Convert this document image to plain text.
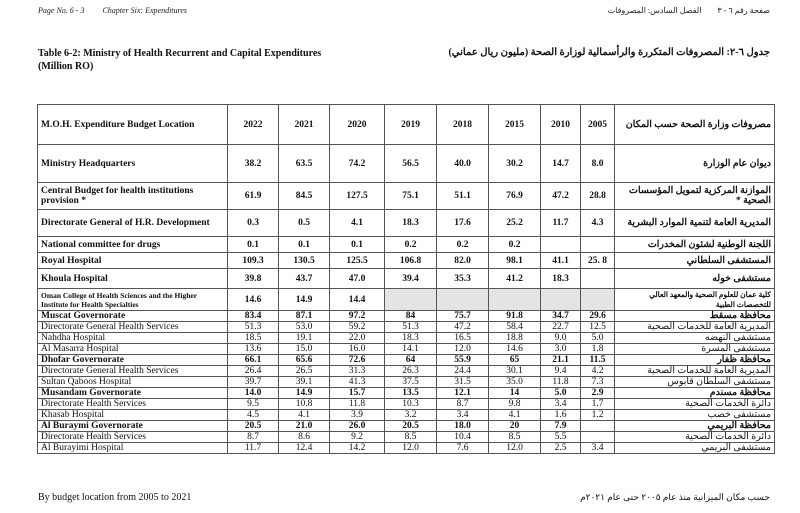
Page No. 6 - 3 Chapter Six: Expenditures	صفحة رقم ٦ - ٣ الفصل السادس: المصروفات
Table 6-2: Ministry of Health Recurrent and Capital Expenditures (Million RO)
جدول ٦-٢: المصروفات المتكررة والرأسمالية لوزارة الصحة (مليون ريال عماني)
M.O.H. Expenditure Budget Location	2022	2021	2020	2019	2018	2015	2010	2005	مصروفات وزارة الصحة حسب المكان
Ministry Headquarters	38.2	63.5	74.2	56.5	40.0	30.2	14.7	8.0	ديوان عام الوزارة
Central Budget for health institutions provision *	61.9	84.5	127.5	75.1	51.1	76.9	47.2	28.8	الموازنة المركزية لتمويل المؤسسات الصحية *
Directorate General of H.R. Development	0.3	0.5	4.1	18.3	17.6	25.2	11.7	4.3	المديرية العامة لتنمية الموارد البشرية
National committee for drugs	0.1	0.1	0.1	0.2	0.2	0.2			اللجنة الوطنية لشئون المخدرات
Royal Hospital	109.3	130.5	125.5	106.8	82.0	98.1	41.1	25. 8	المستشفى السلطاني
Khoula Hospital	39.8	43.7	47.0	39.4	35.3	41.2	18.3		مستشفى خوله
Oman College of Health Sciences and the Higher Institute for Health Specialties	14.6	14.9	14.4						كلية عمان للعلوم الصحية والمعهد العالي للتخصصات الطبية
Muscat Governorate	83.4	87.1	97.2	84	75.7	91.8	34.7	29.6	محافظة مسقط
Directorate General Health Services	51.3	53.0	59.2	51.3	47.2	58.4	22.7	12.5	المديرية العامة للخدمات الصحية
Nahdha Hospital	18.5	19.1	22.0	18.3	16.5	18.8	9.0	5.0	مستشفى النهضه
Al Masarra Hospital	13.6	15.0	16.0	14.1	12.0	14.6	3.0	1.8	مستشفى المسرة
Dhofar Governorate	66.1	65.6	72.6	64	55.9	65	21.1	11.5	محافظة ظفار
Directorate General Health Services	26.4	26.5	31.3	26.3	24.4	30.1	9.4	4.2	المديرية العامة للخدمات الصحية
Sultan Qaboos Hospital	39.7	39.1	41.3	37.5	31.5	35.0	11.8	7.3	مستشفى السلطان قابوس
Musandam Governorate	14.0	14.9	15.7	13.5	12.1	14	5.0	2.9	محافظة مسندم
Directorate Health Services	9.5	10.8	11.8	10.3	8.7	9.8	3.4	1.7	دائرة الخدمات الصحية
Khasab Hospital	4.5	4.1	3.9	3.2	3.4	4.1	1.6	1.2	مستشفى خصب
Al Buraymi Governorate	20.5	21.0	26.0	20.5	18.0	20	7.9		محافظة البريمي
Directorate Health Services	8.7	8.6	9.2	8.5	10.4	8.5	5.5		دائرة الخدمات الصحية
Al Burayimi Hospital	11.7	12.4	14.2	12.0	7.6	12.0	2.5	3.4	مستشفى البريمي
By budget location from 2005 to 2021	حسب مكان الميزانية منذ عام ٢٠٠٥ حتى عام ٢٠٢١م
